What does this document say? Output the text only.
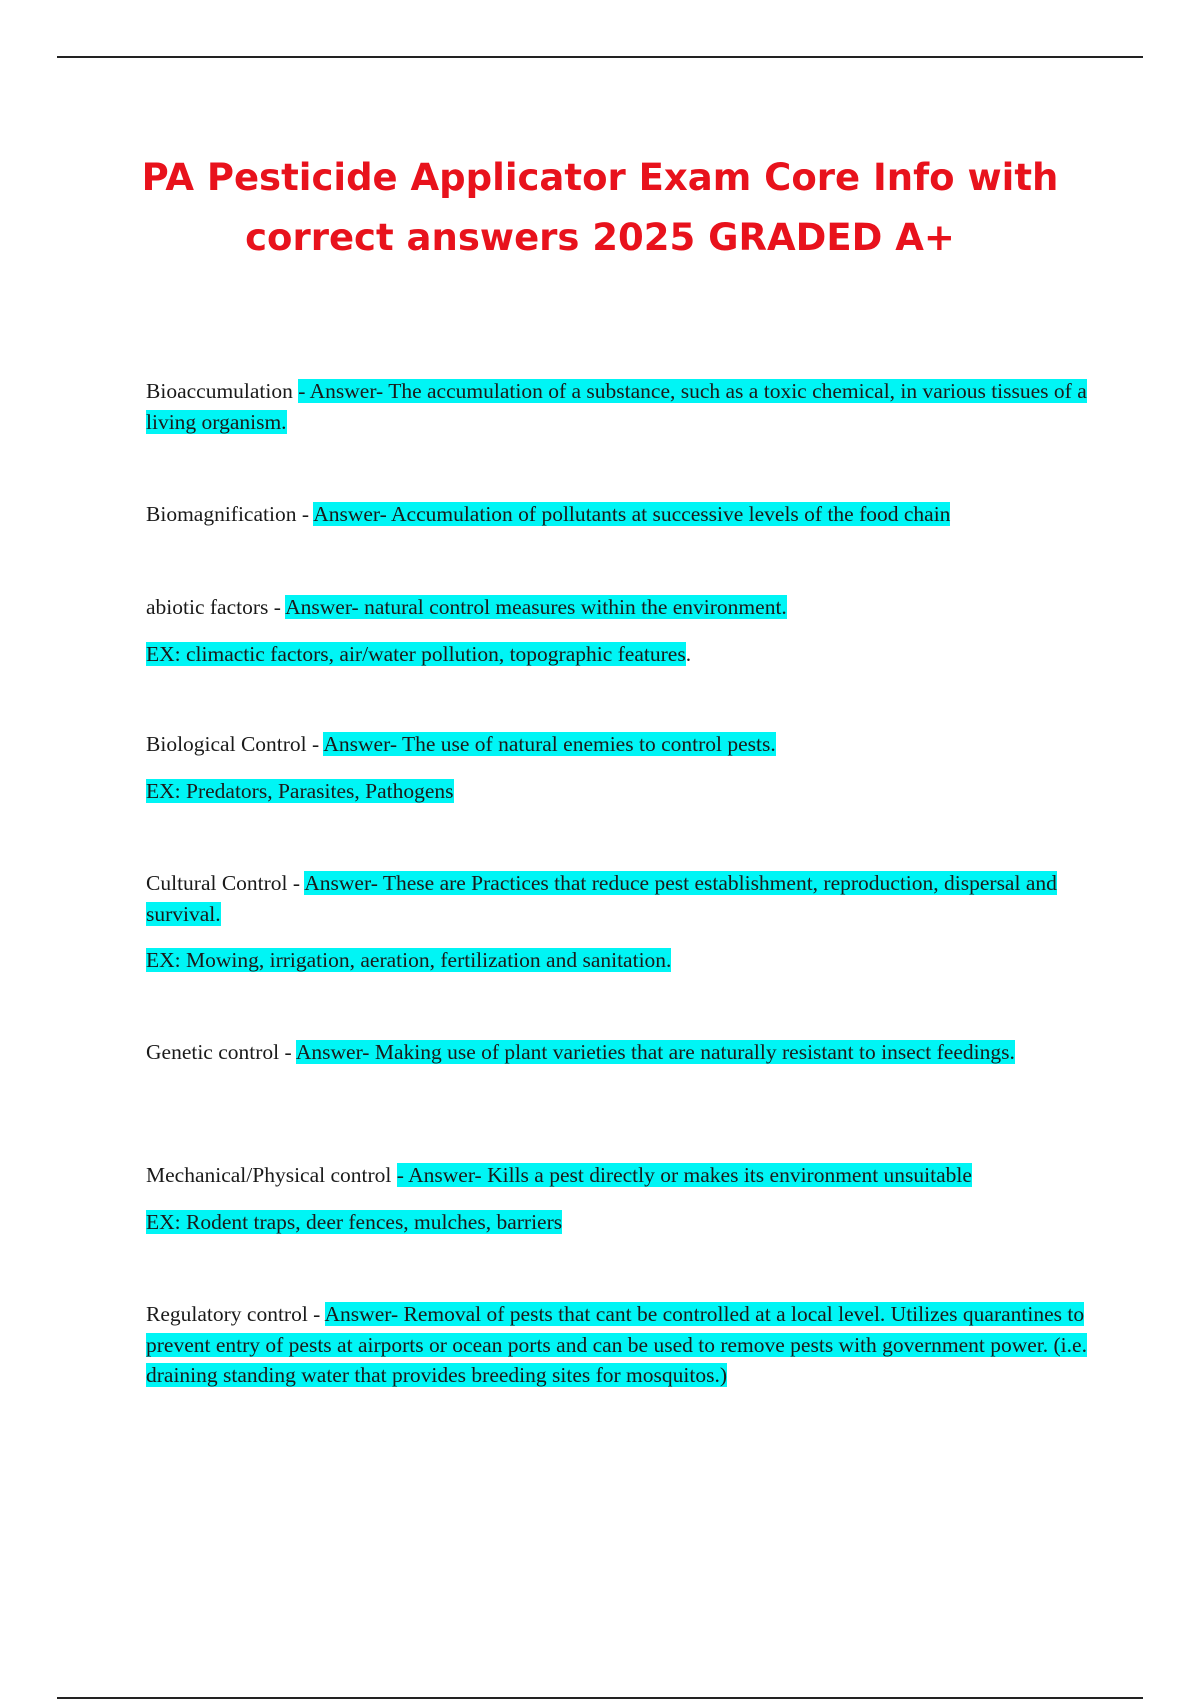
PA Pesticide Applicator Exam Core Info with correct answers 2025 GRADED A+

Bioaccumulation - Answer- The accumulation of a substance, such as a toxic chemical, in various tissues of a living organism.

Biomagnification - Answer- Accumulation of pollutants at successive levels of the food chain

abiotic factors - Answer- natural control measures within the environment.

EX: climactic factors, air/water pollution, topographic features.

Biological Control - Answer- The use of natural enemies to control pests.

EX: Predators, Parasites, Pathogens

Cultural Control - Answer- These are Practices that reduce pest establishment, reproduction, dispersal and survival.

EX: Mowing, irrigation, aeration, fertilization and sanitation.

Genetic control - Answer- Making use of plant varieties that are naturally resistant to insect feedings.

Mechanical/Physical control - Answer- Kills a pest directly or makes its environment unsuitable

EX: Rodent traps, deer fences, mulches, barriers

Regulatory control - Answer- Removal of pests that cant be controlled at a local level. Utilizes quarantines to prevent entry of pests at airports or ocean ports and can be used to remove pests with government power. (i.e. draining standing water that provides breeding sites for mosquitos.)
